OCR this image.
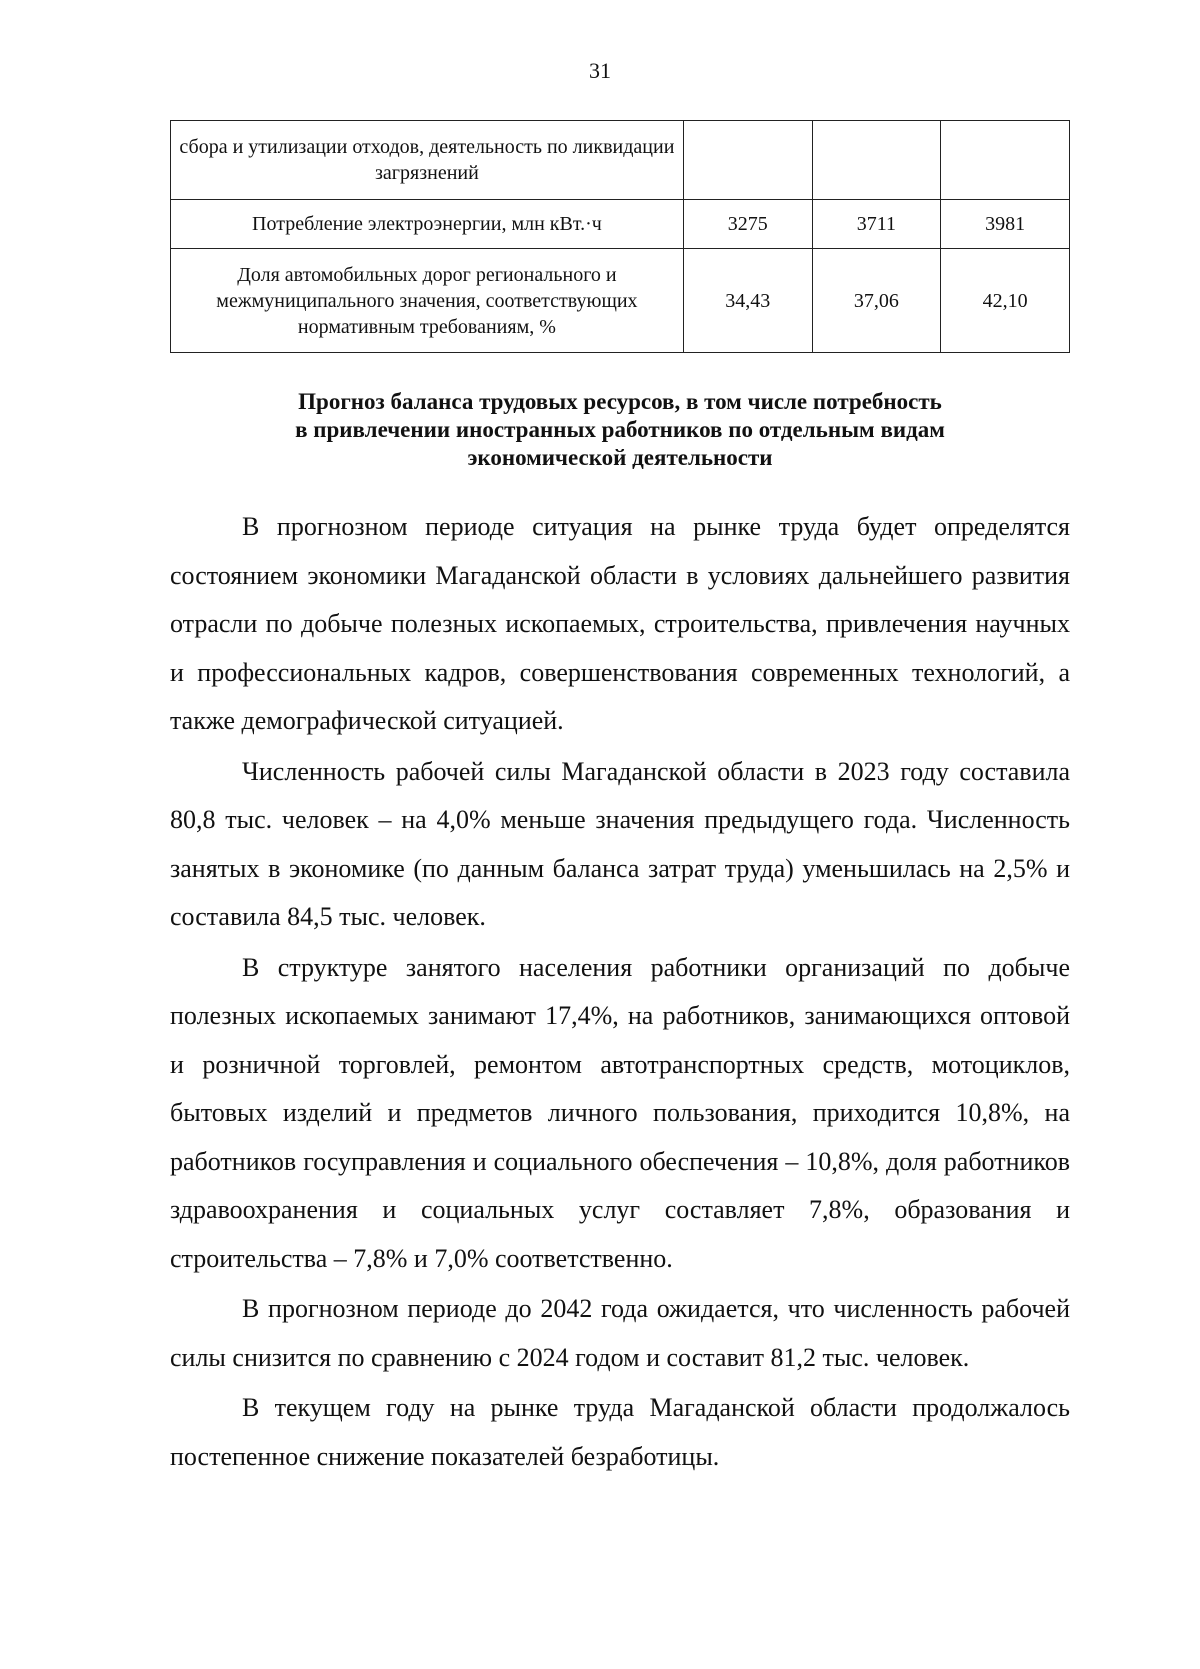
31
сбора и утилизации отходов, деятельность по ликвидации загрязнений			
Потребление электроэнергии, млн кВт.·ч	3275	3711	3981
Доля автомобильных дорог регионального и межмуниципального значения, соответствующих нормативным требованиям, %	34,43	37,06	42,10
Прогноз баланса трудовых ресурсов, в том числе потребность
в привлечении иностранных работников по отдельным видам
экономической деятельности

В прогнозном периоде ситуация на рынке труда будет определятся состоянием экономики Магаданской области в условиях дальнейшего развития отрасли по добыче полезных ископаемых, строительства, привлечения научных и профессиональных кадров, совершенствования современных технологий, а также демографической ситуацией.

Численность рабочей силы Магаданской области в 2023 году составила 80,8 тыс. человек – на 4,0% меньше значения предыдущего года. Численность занятых в экономике (по данным баланса затрат труда) уменьшилась на 2,5% и составила 84,5 тыс. человек.

В структуре занятого населения работники организаций по добыче полезных ископаемых занимают 17,4%, на работников, занимающихся оптовой и розничной торговлей, ремонтом автотранспортных средств, мотоциклов, бытовых изделий и предметов личного пользования, приходится 10,8%, на работников госуправления и социального обеспечения – 10,8%, доля работников здравоохранения и социальных услуг составляет 7,8%, образования и строительства – 7,8% и 7,0% соответственно.

В прогнозном периоде до 2042 года ожидается, что численность рабочей силы снизится по сравнению с 2024 годом и составит 81,2 тыс. человек.

В текущем году на рынке труда Магаданской области продолжалось постепенное снижение показателей безработицы.
